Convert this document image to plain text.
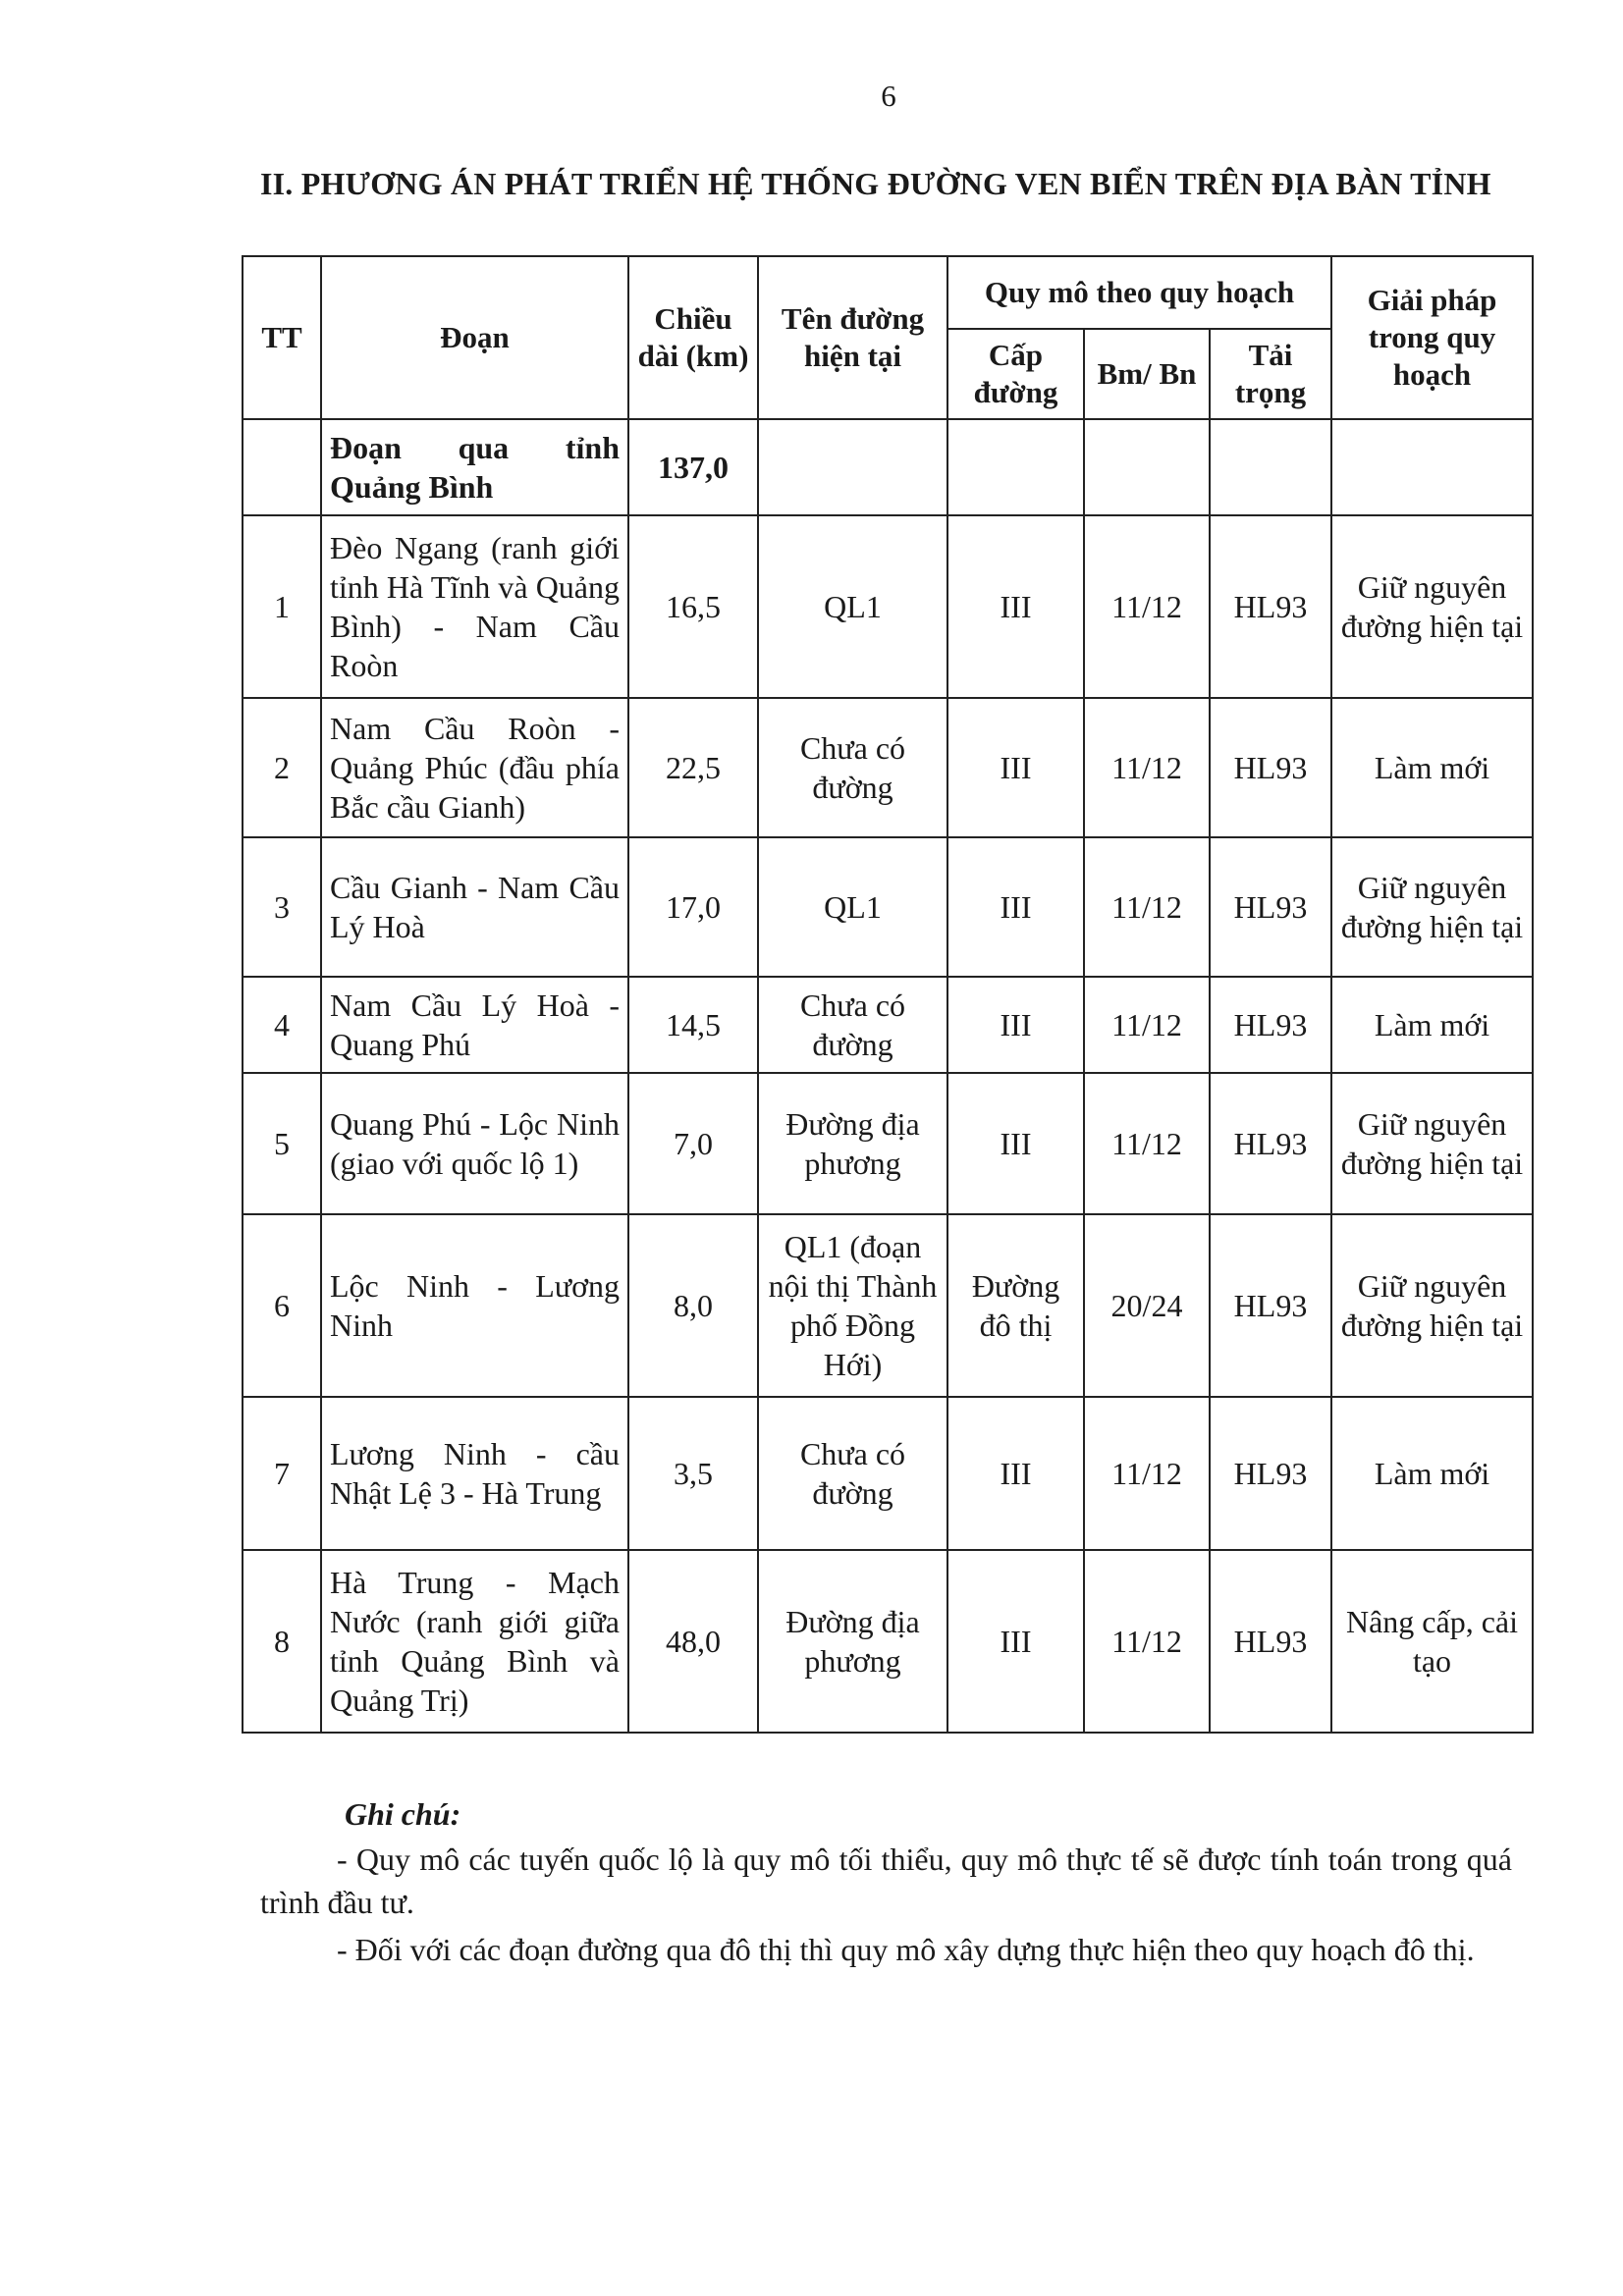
6
II. PHƯƠNG ÁN PHÁT TRIỂN HỆ THỐNG ĐƯỜNG VEN BIỂN TRÊN ĐỊA BÀN TỈNH
TT	Đoạn	Chiều dài (km)	Tên đường hiện tại	Quy mô theo quy hoạch			Giải pháp trong quy hoạch
				Cấp đường	Bm/ Bn	Tải trọng	
	Đoạn qua tỉnh Quảng Bình	137,0					
1	Đèo Ngang (ranh giới tỉnh Hà Tĩnh và Quảng Bình) - Nam Cầu Roòn	16,5	QL1	III	11/12	HL93	Giữ nguyên đường hiện tại
2	Nam Cầu Roòn - Quảng Phúc (đầu phía Bắc cầu Gianh)	22,5	Chưa có đường	III	11/12	HL93	Làm mới
3	Cầu Gianh - Nam Cầu Lý Hoà	17,0	QL1	III	11/12	HL93	Giữ nguyên đường hiện tại
4	Nam Cầu Lý Hoà - Quang Phú	14,5	Chưa có đường	III	11/12	HL93	Làm mới
5	Quang Phú - Lộc Ninh (giao với quốc lộ 1)	7,0	Đường địa phương	III	11/12	HL93	Giữ nguyên đường hiện tại
6	Lộc Ninh - Lương Ninh	8,0	QL1 (đoạn nội thị Thành phố Đồng Hới)	Đường đô thị	20/24	HL93	Giữ nguyên đường hiện tại
7	Lương Ninh - cầu Nhật Lệ 3 - Hà Trung	3,5	Chưa có đường	III	11/12	HL93	Làm mới
8	Hà Trung - Mạch Nước (ranh giới giữa tỉnh Quảng Bình và Quảng Trị)	48,0	Đường địa phương	III	11/12	HL93	Nâng cấp, cải tạo
Ghi chú:

- Quy mô các tuyến quốc lộ là quy mô tối thiểu, quy mô thực tế sẽ được tính toán trong quá trình đầu tư.

- Đối với các đoạn đường qua đô thị thì quy mô xây dựng thực hiện theo quy hoạch đô thị.
